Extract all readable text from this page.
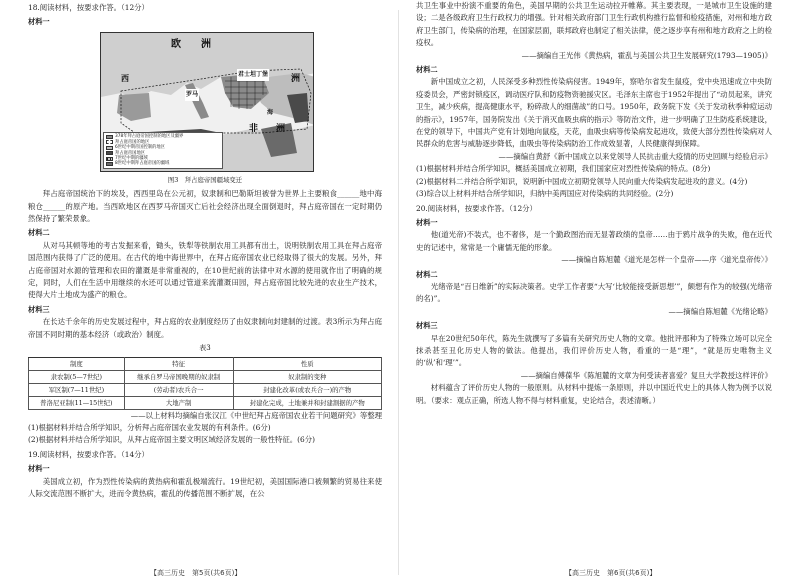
18.阅读材料，按要求作答。（12分）

材料一

欧　　洲
非　　洲
洲
西
罗马
君士坦丁堡
海
378年拜占庭帝国控制的地区及疆界
拜占庭帝国的地区
6世纪中期帝国控制的地区
拜占庭帝国地区
7世纪中期的疆域
8世纪中期拜占庭帝国的疆域

图3　拜占庭帝国疆域变迁

拜占庭帝国统治下的埃及，西西里岛在公元初，奴隶制和巴勒斯坦被誉为世界上主要粮食______地中海粮仓______的原产地。当西欧地区在西罗马帝国灭亡后社会经济出现全面倒退时，拜占庭帝国在一定时期仍然保持了繁荣景象。

材料二

从对马其顿等地的考古发掘来看，锄头，铁犁等铁制农用工具都有出土，说明铁制农用工具在拜占庭帝国范围内获得了广泛的使用。在古代的地中海世界中，在拜占庭帝国农业已经取得了很大的发展。另外，拜占庭帝国对水源的管理和农田的灌溉是非常重视的，在10世纪前的法律中对水源的使用就作出了明确的规定，同时，人们在生活中用继续的水还可以通过管道来流灌溉田园，拜占庭帝国比较先进的农业生产技术，使得大片土地成为盛产的粮仓。

材料三

在长达千余年的历史发展过程中，拜占庭的农业制度经历了由奴隶制向封建制的过渡。表3所示为拜占庭帝国不同时期的基本经济（或政治）制度。

表3

制度	特征	性质
隶农制(5—7世纪)	继承自罗马帝国晚期的奴隶制	奴隶制的变种
军区制(7—11世纪)	(劳动者)农兵合一	封建化改革(或农兵合一)的产物
普洛尼亚制(11—15世纪)	大地产制	封建化完成，土地兼并和封建割据的产物

——以上材料均摘编自张汉江《中世纪拜占庭帝国农业若干问题研究》等整理

(1)根据材料并结合所学知识，分析拜占庭帝国农业发展的有利条件。(6分)

(2)根据材料并结合所学知识，从拜占庭帝国主要文明区域经济发展的一般性特征。(6分)

19.阅读材料，按要求作答。（14分）

材料一

美国成立初，作为烈性传染病的黄热病和霍乱极端流行。19世纪初，美国国际港口被频繁的贸易往来使人际交流范围不断扩大，进而令黄热病，霍乱的传播范围不断扩展，在公

共卫生事业中扮演不重要的角色，美国早期的公共卫生运动拉开帷幕。其主要表现，一是城市卫生设施的建设；二是各级政府卫生行政权力的增强。针对相关政府部门卫生行政机构推行监督和检疫措施，对州和地方政府卫生部门，传染病的治理，在国家层面，联邦政府也制定了相关法律，使之逐步享有州和地方政府之上的检疫权。

——摘编自王光伟《黄热病，霍乱与美国公共卫生发展研究(1793—1905)》

材料二

新中国成立之初，人民深受多种烈性传染病侵害。1949年，察哈尔省发生鼠疫，党中央迅速成立中央防疫委员会，严密封锁疫区，调动医疗队和防疫物资驰援灾区。毛泽东主席也于1952年提出了“动员起来，讲究卫生，减少疾病，提高健康水平，粉碎敌人的细菌战”的口号。1950年，政务院下发《关于发动秋季种痘运动的指示》，1957年，国务院发出《关于消灭血吸虫病的指示》等防治文件，进一步明确了卫生防疫系统建设，在党的领导下，中国共产党有计划地向鼠疫，天花，血吸虫病等传染病发起进攻，致使大部分烈性传染病对人民群众的危害与威胁逐步降低，血吸虫等传染病防治工作成效显著，人民健康得到保障。

——摘编自黄舒《新中国成立以来党领导人民抗击重大疫情的历史回顾与经验启示》

(1)根据材料并结合所学知识，概括美国成立初期，我们国家应对烈性传染病的特点。(8分)

(2)根据材料二并结合所学知识，说明新中国成立初期党领导人民向重大传染病发起进攻的意义。(4分)

(3)综合以上材料并结合所学知识，归纳中美两国应对传染病的共同经验。(2分)

20.阅读材料，按要求作答。（12分）

材料一

他(道光帝)不装式，也不奢侈，是一个勤政图治而无显著政绩的皇帝……由于鸦片战争的失败，他在近代史的记述中，常常是一个庸懦无能的形象。

——摘编自陈旭麓《道光是怎样一个皇帝——序〈道光皇帝传〉》

材料二

光绪帝是“百日维新”的实际决策者。史学工作者要“大写‘比较能接受新思想’”，颇想有作为的较强(光绪帝的名)”。

——摘编自陈旭麓《光绪论略》

材料三

早在20世纪50年代，陈先生就撰写了多篇有关研究历史人物的文章。他批评那种为了特殊立场可以完全抹杀甚至丑化历史人物的做法。他提出，我们评价历史人物，看重的一是“理”，“就是历史唯物主义的‘纵’和‘理’”。

——摘编自傅葆华《陈旭麓的文章为何受读者喜爱？复旦大学教授这样评价》

材料蕴含了评价历史人物的一般原则。从材料中提炼一条原则，并以中国近代史上的具体人物为例予以说明。（要求：观点正确，所选人物不得与材料重复，史论结合，表述清晰。）

【高三历史　第5页(共6页)】	【高三历史　第6页(共6页)】
